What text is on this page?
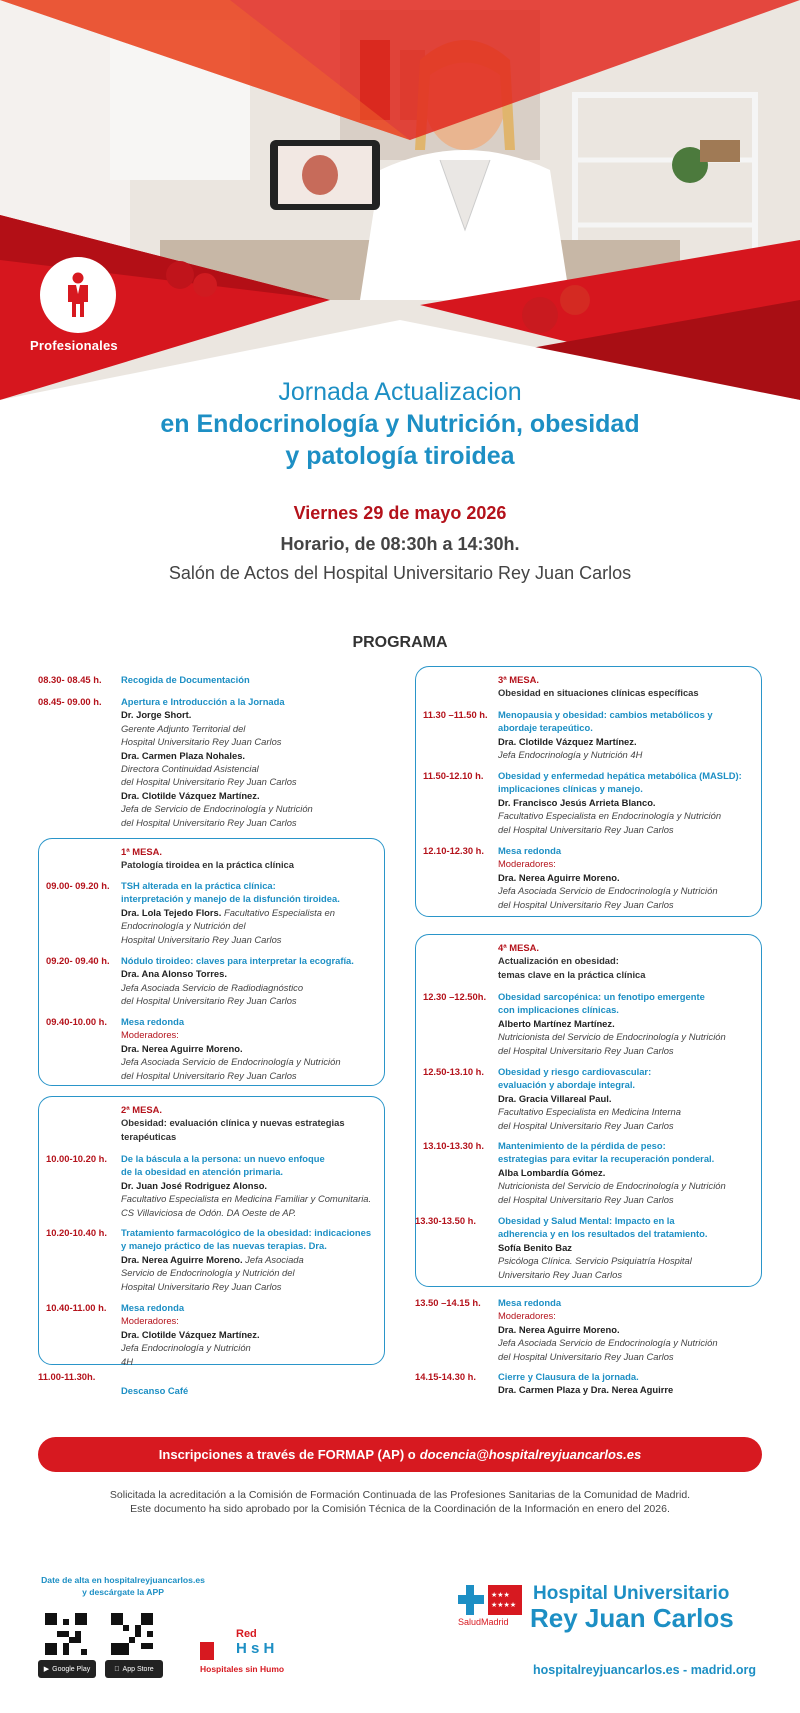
Profesionales
Jornada Actualizacion
en Endocrinología y Nutrición, obesidad
y patología tiroidea
Viernes 29 de mayo 2026
Horario, de 08:30h a 14:30h.
Salón de Actos del Hospital Universitario Rey Juan Carlos
PROGRAMA
08.30- 08.45 h. Recogida de Documentación
08.45- 09.00 h. Apertura e Introducción a la Jornada
Dr. Jorge Short.
Gerente Adjunto Territorial del
Hospital Universitario Rey Juan Carlos
Dra. Carmen Plaza Nohales.
Directora Continuidad Asistencial
del Hospital Universitario Rey Juan Carlos
Dra. Clotilde Vázquez Martínez.
Jefa de Servicio de Endocrinología y Nutrición
del Hospital Universitario Rey Juan Carlos
1ª MESA.
Patología tiroidea en la práctica clínica
09.00- 09.20 h. TSH alterada en la práctica clínica:
interpretación y manejo de la disfunción tiroidea.
Dra. Lola Tejedo Flors. Facultativo Especialista en
Endocrinología y Nutrición del
Hospital Universitario Rey Juan Carlos
09.20- 09.40 h. Nódulo tiroideo: claves para interpretar la ecografía.
Dra. Ana Alonso Torres.
Jefa Asociada Servicio de Radiodiagnóstico
del Hospital Universitario Rey Juan Carlos
09.40-10.00 h. Mesa redonda
Moderadores:
Dra. Nerea Aguirre Moreno.
Jefa Asociada Servicio de Endocrinología y Nutrición
del Hospital Universitario Rey Juan Carlos
2ª MESA.
Obesidad: evaluación clínica y nuevas estrategias
terapéuticas
10.00-10.20 h. De la báscula a la persona: un nuevo enfoque
de la obesidad en atención primaria.
Dr. Juan José Rodriguez Alonso.
Facultativo Especialista en Medicina Familiar y Comunitaria.
CS Villaviciosa de Odón. DA Oeste de AP.
10.20-10.40 h. Tratamiento farmacológico de la obesidad: indicaciones
y manejo práctico de las nuevas terapias. Dra.
Dra. Nerea Aguirre Moreno. Jefa Asociada
Servicio de Endocrinología y Nutrición del
Hospital Universitario Rey Juan Carlos
10.40-11.00 h. Mesa redonda
Moderadores:
Dra. Clotilde Vázquez Martínez.
Jefa Endocrinología y Nutrición
4H
11.00-11.30h.
Descanso Café
3ª MESA.
Obesidad en situaciones clínicas específicas
11.30 –11.50 h. Menopausia y obesidad: cambios metabólicos y
abordaje terapeútico.
Dra. Clotilde Vázquez Martínez.
Jefa Endocrinología y Nutrición 4H
11.50-12.10 h. Obesidad y enfermedad hepática metabólica (MASLD):
implicaciones clínicas y manejo.
Dr. Francisco Jesús Arrieta Blanco.
Facultativo Especialista en Endocrinología y Nutrición
del Hospital Universitario Rey Juan Carlos
12.10-12.30 h. Mesa redonda
Moderadores:
Dra. Nerea Aguirre Moreno.
Jefa Asociada Servicio de Endocrinología y Nutrición
del Hospital Universitario Rey Juan Carlos
4ª MESA.
Actualización en obesidad:
temas clave en la práctica clínica
12.30 –12.50h. Obesidad sarcopénica: un fenotipo emergente
con implicaciones clínicas.
Alberto Martínez Martínez.
Nutricionista del Servicio de Endocrinología y Nutrición
del Hospital Universitario Rey Juan Carlos
12.50-13.10 h. Obesidad y riesgo cardiovascular:
evaluación y abordaje integral.
Dra. Gracia Villareal Paul.
Facultativo Especialista en Medicina Interna
del Hospital Universitario Rey Juan Carlos
13.10-13.30 h. Mantenimiento de la pérdida de peso:
estrategias para evitar la recuperación ponderal.
Alba Lombardía Gómez.
Nutricionista del Servicio de Endocrinología y Nutrición
del Hospital Universitario Rey Juan Carlos
13.30-13.50 h. Obesidad y Salud Mental: Impacto en la
adherencia y en los resultados del tratamiento.
Sofía Benito Baz
Psicóloga Clínica. Servicio Psiquiatría Hospital
Universitario Rey Juan Carlos
13.50 –14.15 h. Mesa redonda
Moderadores:
Dra. Nerea Aguirre Moreno.
Jefa Asociada Servicio de Endocrinología y Nutrición
del Hospital Universitario Rey Juan Carlos
14.15-14.30 h. Cierre y Clausura de la jornada.
Dra. Carmen Plaza y Dra. Nerea Aguirre
Inscripciones a través de FORMAP (AP) o docencia@hospitalreyjuancarlos.es
Solicitada la acreditación a la Comisión de Formación Continuada de las Profesiones Sanitarias de la Comunidad de Madrid.
Este documento ha sido aprobado por la Comisión Técnica de la Coordinación de la Información en enero del 2026.
Date de alta en hospitalreyjuancarlos.es
y descárgate la APP
▶ Google Play	App Store
Red
H s H
Hospitales sin Humo
★★★
★★★★
SaludMadrid
Hospital Universitario
Rey Juan Carlos
hospitalreyjuancarlos.es - madrid.org
